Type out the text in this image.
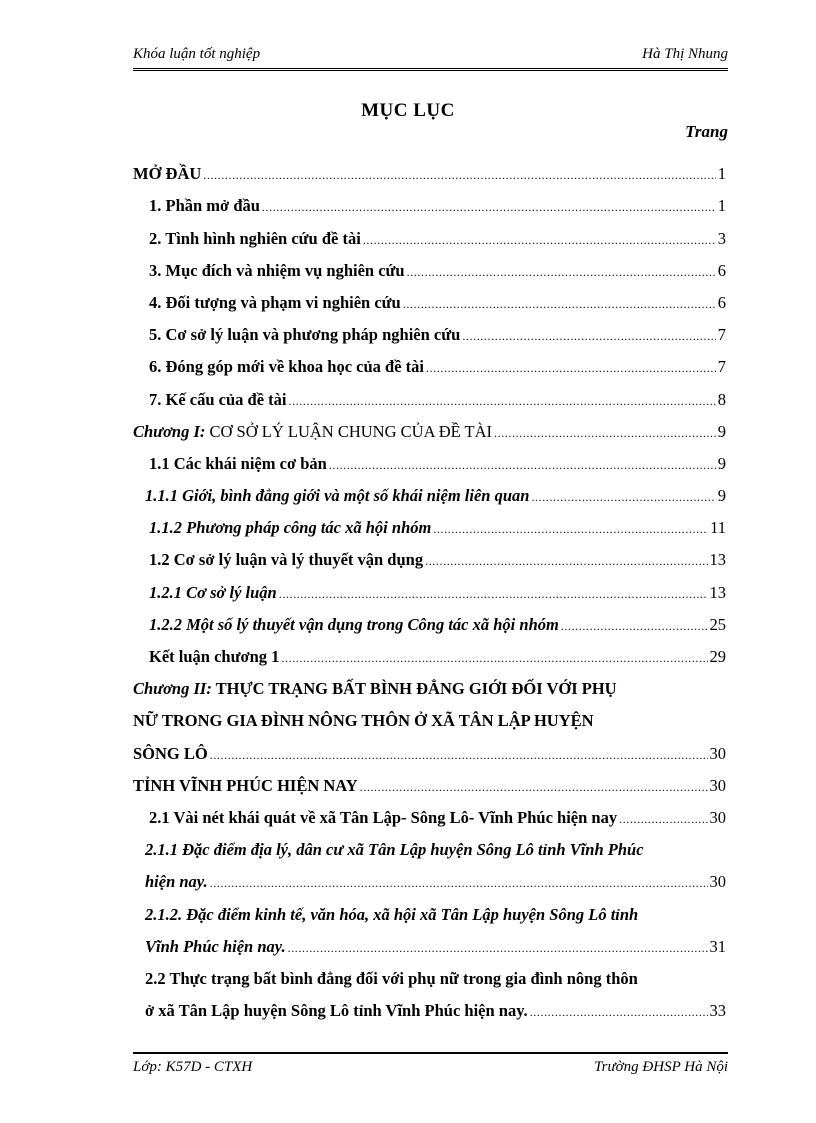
Khóa luận tốt nghiệp	Hà Thị Nhung
MỤC LỤC
Trang
MỞ ĐẦU .....	1
1. Phần mở đầu .....	1
2. Tình hình nghiên cứu đề tài .....	3
3. Mục đích và nhiệm vụ nghiên cứu .....	6
4. Đối tượng và phạm vi nghiên cứu .....	6
5. Cơ sở lý luận và phương pháp nghiên cứu .....	7
6. Đóng góp mới về khoa học của đề tài .....	7
7. Kế cấu của đề tài .....	8
Chương I: CƠ SỞ LÝ LUẬN CHUNG CỦA ĐỀ TÀI .....	9
1.1 Các khái niệm cơ bản .....	9
1.1.1 Giới, bình đẳng giới và một số khái niệm liên quan .....	9
1.1.2 Phương pháp công tác xã hội nhóm .....	11
1.2 Cơ sở lý luận và lý thuyết vận dụng .....	13
1.2.1 Cơ sở lý luận .....	13
1.2.2 Một số lý thuyết vận dụng trong Công tác xã hội nhóm .....	25
Kết luận chương 1 .....	29
Chương II: THỰC TRẠNG BẤT BÌNH ĐẲNG GIỚI ĐỐI VỚI PHỤ
NỮ TRONG GIA ĐÌNH NÔNG THÔN Ở XÃ TÂN LẬP HUYỆN
SÔNG LÔ .....	30
TỈNH VĨNH PHÚC HIỆN NAY .....	30
2.1 Vài nét khái quát về xã Tân Lập- Sông Lô- Vĩnh Phúc hiện nay .....	30
2.1.1 Đặc điểm địa lý, dân cư xã Tân Lập huyện Sông Lô tỉnh Vĩnh Phúc
hiện nay. .....	30
2.1.2. Đặc điểm kinh tế, văn hóa, xã hội xã Tân Lập huyện Sông Lô tỉnh
Vĩnh Phúc hiện nay. .....	31
2.2 Thực trạng bất bình đẳng đối với phụ nữ trong gia đình nông thôn
ở xã Tân Lập huyện Sông Lô tỉnh Vĩnh Phúc hiện nay. .....	33
Lớp: K57D - CTXH	Trường ĐHSP Hà Nội
